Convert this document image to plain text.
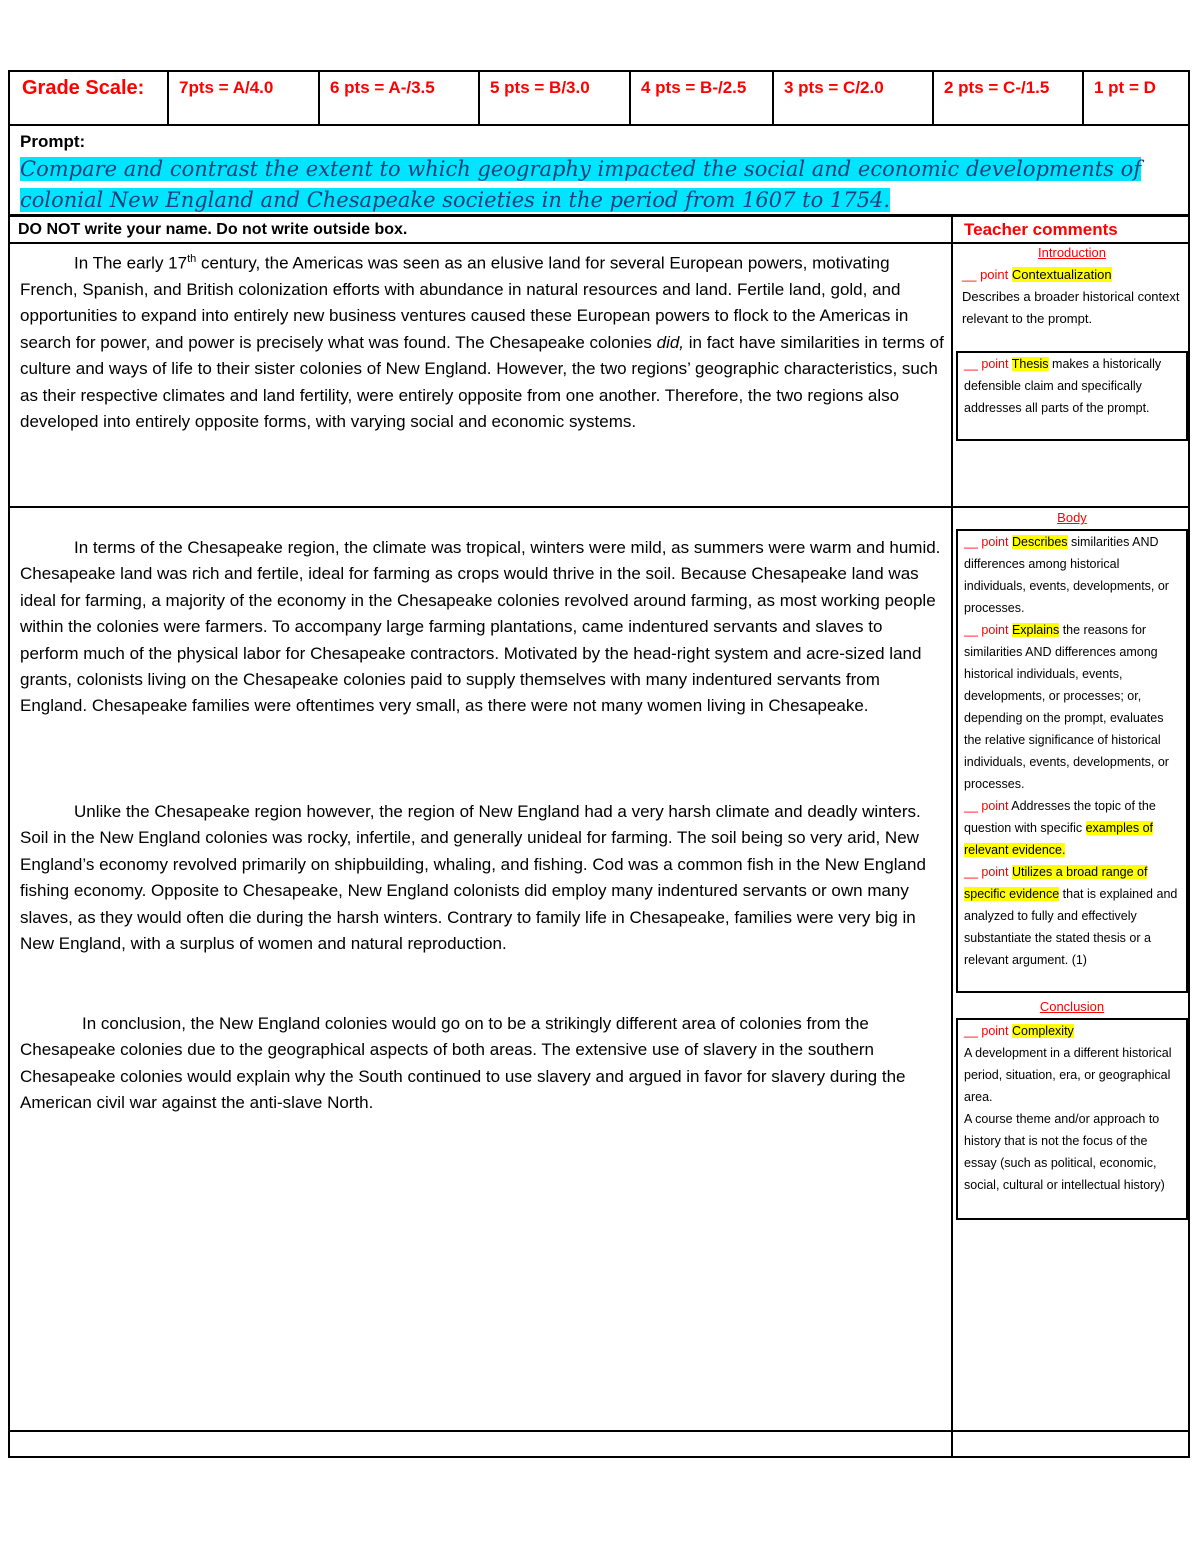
Grade Scale:	7pts = A/4.0	6 pts = A-/3.5	5 pts = B/3.0	4 pts = B-/2.5	3 pts = C/2.0	2 pts = C-/1.5	1 pt = D
Prompt:
Compare and contrast the extent to which geography impacted the social and economic developments of colonial New England and Chesapeake societies in the period from 1607 to 1754.
DO NOT write your name. Do not write outside box.	Teacher comments

In The early 17th century, the Americas was seen as an elusive land for several European powers, motivating French, Spanish, and British colonization efforts with abundance in natural resources and land. Fertile land, gold, and opportunities to expand into entirely new business ventures caused these European powers to flock to the Americas in search for power, and power is precisely what was found. The Chesapeake colonies did, in fact have similarities in terms of culture and ways of life to their sister colonies of New England. However, the two regions’ geographic characteristics, such as their respective climates and land fertility, were entirely opposite from one another. Therefore, the two regions also developed into entirely opposite forms, with varying social and economic systems.

In terms of the Chesapeake region, the climate was tropical, winters were mild, as summers were warm and humid. Chesapeake land was rich and fertile, ideal for farming as crops would thrive in the soil. Because Chesapeake land was ideal for farming, a majority of the economy in the Chesapeake colonies revolved around farming, as most working people within the colonies were farmers. To accompany large farming plantations, came indentured servants and slaves to perform much of the physical labor for Chesapeake contractors. Motivated by the head-right system and acre-sized land grants, colonists living on the Chesapeake colonies paid to supply themselves with many indentured servants from England. Chesapeake families were oftentimes very small, as there were not many women living in Chesapeake.

Unlike the Chesapeake region however, the region of New England had a very harsh climate and deadly winters. Soil in the New England colonies was rocky, infertile, and generally unideal for farming. The soil being so very arid, New England’s economy revolved primarily on shipbuilding, whaling, and fishing. Cod was a common fish in the New England fishing economy. Opposite to Chesapeake, New England colonists did employ many indentured servants or own many slaves, as they would often die during the harsh winters. Contrary to family life in Chesapeake, families were very big in New England, with a surplus of women and natural reproduction.

In conclusion, the New England colonies would go on to be a strikingly different area of colonies from the Chesapeake colonies due to the geographical aspects of both areas. The extensive use of slavery in the southern Chesapeake colonies would explain why the South continued to use slavery and argued in favor for slavery during the American civil war against the anti-slave North.

Introduction

__ point Contextualization

Describes a broader historical context relevant to the prompt.

__ point Thesis makes a historically defensible claim and specifically addresses all parts of the prompt.

Body

__ point Describes similarities AND differences among historical individuals, events, developments, or processes.

__ point Explains the reasons for similarities AND differences among historical individuals, events, developments, or processes; or, depending on the prompt, evaluates the relative significance of historical individuals, events, developments, or processes.

__ point Addresses the topic of the question with specific examples of relevant evidence.

__ point Utilizes a broad range of specific evidence that is explained and analyzed to fully and effectively substantiate the stated thesis or a relevant argument. (1)

Conclusion

__ point Complexity

A development in a different historical period, situation, era, or geographical area.

A course theme and/or approach to history that is not the focus of the essay (such as political, economic, social, cultural or intellectual history)
